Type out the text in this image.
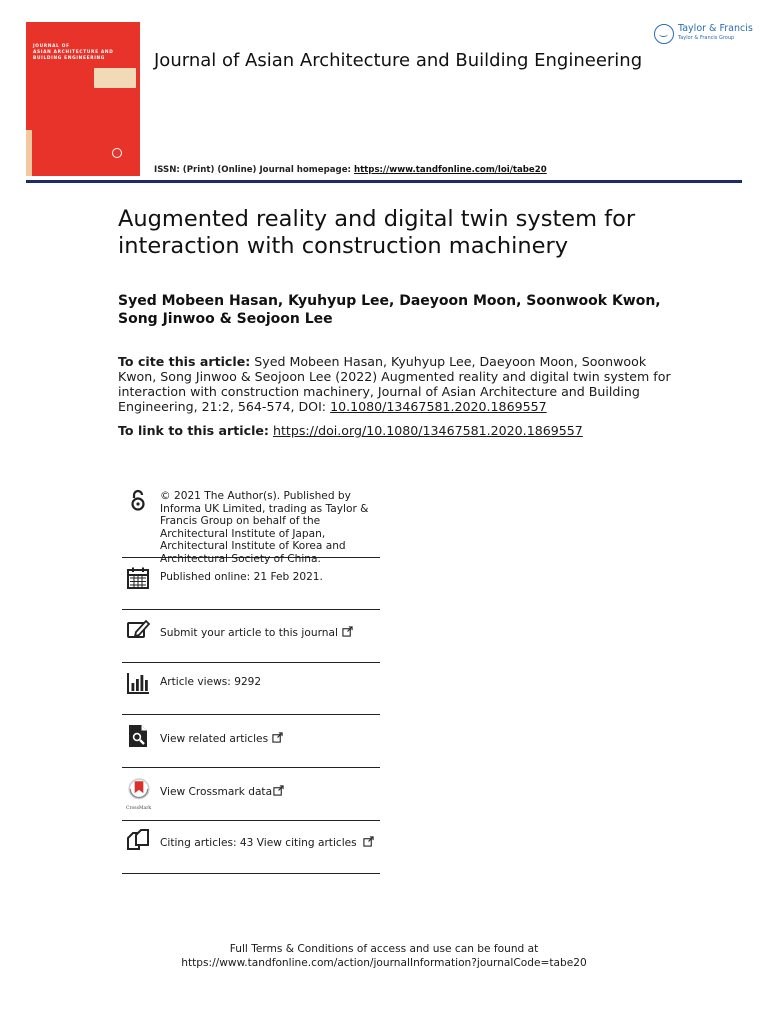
JOURNAL OF
ASIAN ARCHITECTURE AND
BUILDING ENGINEERING	Journal of Asian Architecture and Building Engineering
Taylor & Francis
Taylor & Francis Group
ISSN: (Print) (Online) Journal homepage: https://www.tandfonline.com/loi/tabe20
Augmented reality and digital twin system for interaction with construction machinery
Syed Mobeen Hasan, Kyuhyup Lee, Daeyoon Moon, Soonwook Kwon, Song Jinwoo & Seojoon Lee
To cite this article: Syed Mobeen Hasan, Kyuhyup Lee, Daeyoon Moon, Soonwook Kwon, Song Jinwoo & Seojoon Lee (2022) Augmented reality and digital twin system for interaction with construction machinery, Journal of Asian Architecture and Building Engineering, 21:2, 564-574, DOI: 10.1080/13467581.2020.1869557
To link to this article: https://doi.org/10.1080/13467581.2020.1869557
© 2021 The Author(s). Published by Informa UK Limited, trading as Taylor & Francis Group on behalf of the Architectural Institute of Japan, Architectural Institute of Korea and Architectural Society of China.
Published online: 21 Feb 2021.
Submit your article to this journal
Article views: 9292
View related articles
CrossMark
View Crossmark data
Citing articles: 43 View citing articles
Full Terms & Conditions of access and use can be found at
https://www.tandfonline.com/action/journalInformation?journalCode=tabe20
